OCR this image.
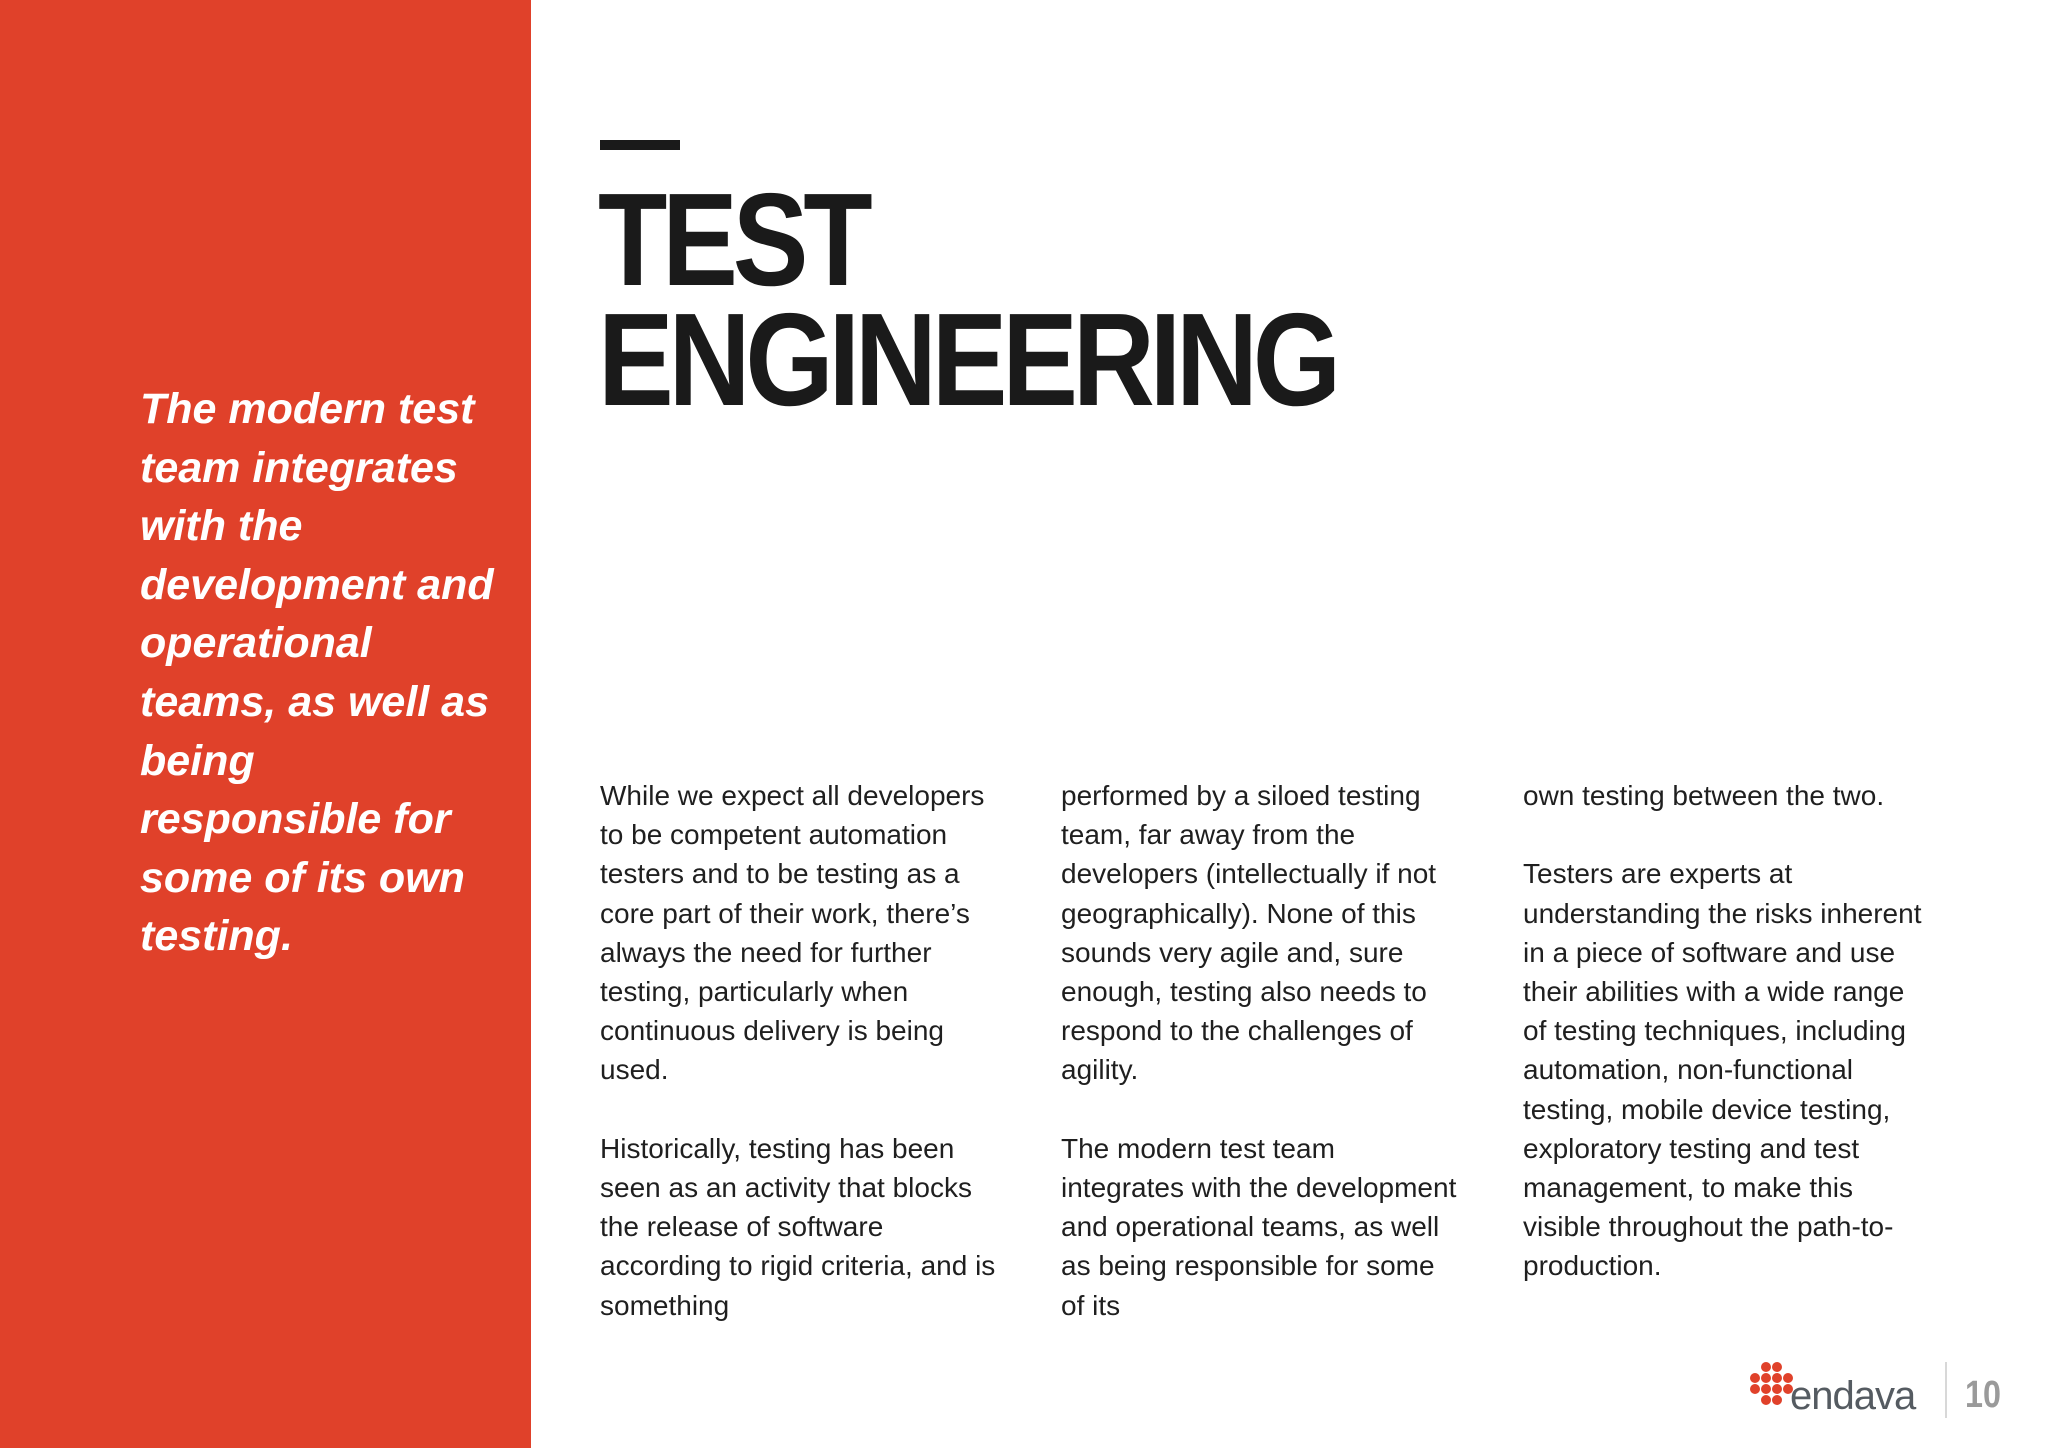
The modern test team integrates with the development and operational teams, as well as being responsible for some of its own testing.

TEST
ENGINEERING

While we expect all developers to be competent automation testers and to be testing as a core part of their work, there’s always the need for further testing, particularly when continuous delivery is being used.

Historically, testing has been seen as an activity that blocks the release of software according to rigid criteria, and is something

performed by a siloed testing team, far away from the developers (intellectually if not geographically). None of this sounds very agile and, sure enough, testing also needs to respond to the challenges of agility.

The modern test team integrates with the development and operational teams, as well as being responsible for some of its

own testing between the two.

Testers are experts at understanding the risks inherent in a piece of software and use their abilities with a wide range of testing techniques, including automation, non-functional testing, mobile device testing, exploratory testing and test management, to make this visible throughout the path-to-production.

endava 10
